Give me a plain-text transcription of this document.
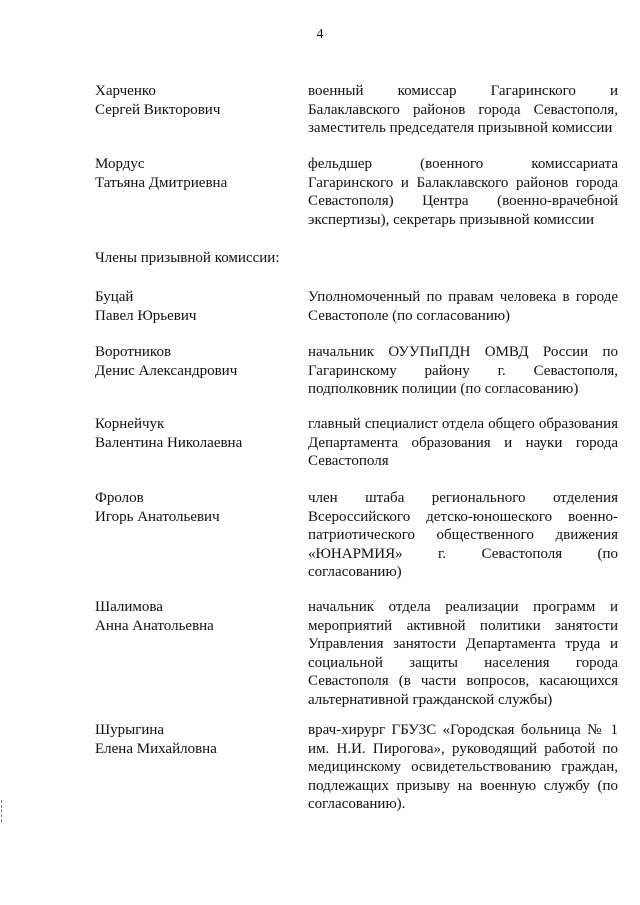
4
Харченко
Сергей Викторович
военный комиссар Гагаринского и Балаклавского районов города Севастополя, заместитель председателя призывной комиссии
Мордус
Татьяна Дмитриевна
фельдшер (военного комиссариата Гагаринского и Балаклавского районов города Севастополя) Центра (военно-врачебной экспертизы), секретарь призывной комиссии
Члены призывной комиссии:
Буцай
Павел Юрьевич
Уполномоченный по правам человека в городе Севастополе (по согласованию)
Воротников
Денис Александрович
начальник ОУУПиПДН ОМВД России по Гагаринскому району г. Севастополя, подполковник полиции (по согласованию)
Корнейчук
Валентина Николаевна
главный специалист отдела общего образования Департамента образования и науки города Севастополя
Фролов
Игорь Анатольевич
член штаба регионального отделения Всероссийского детско-юношеского военно-патриотического общественного движения «ЮНАРМИЯ» г. Севастополя (по согласованию)
Шалимова
Анна Анатольевна
начальник отдела реализации программ и мероприятий активной политики занятости Управления занятости Департамента труда и социальной защиты населения города Севастополя (в части вопросов, касающихся альтернативной гражданской службы)
Шурыгина
Елена Михайловна
врач-хирург ГБУЗС «Городская больница № 1 им. Н.И. Пирогова», руководящий работой по медицинскому освидетельствованию граждан, подлежащих призыву на военную службу (по согласованию).
